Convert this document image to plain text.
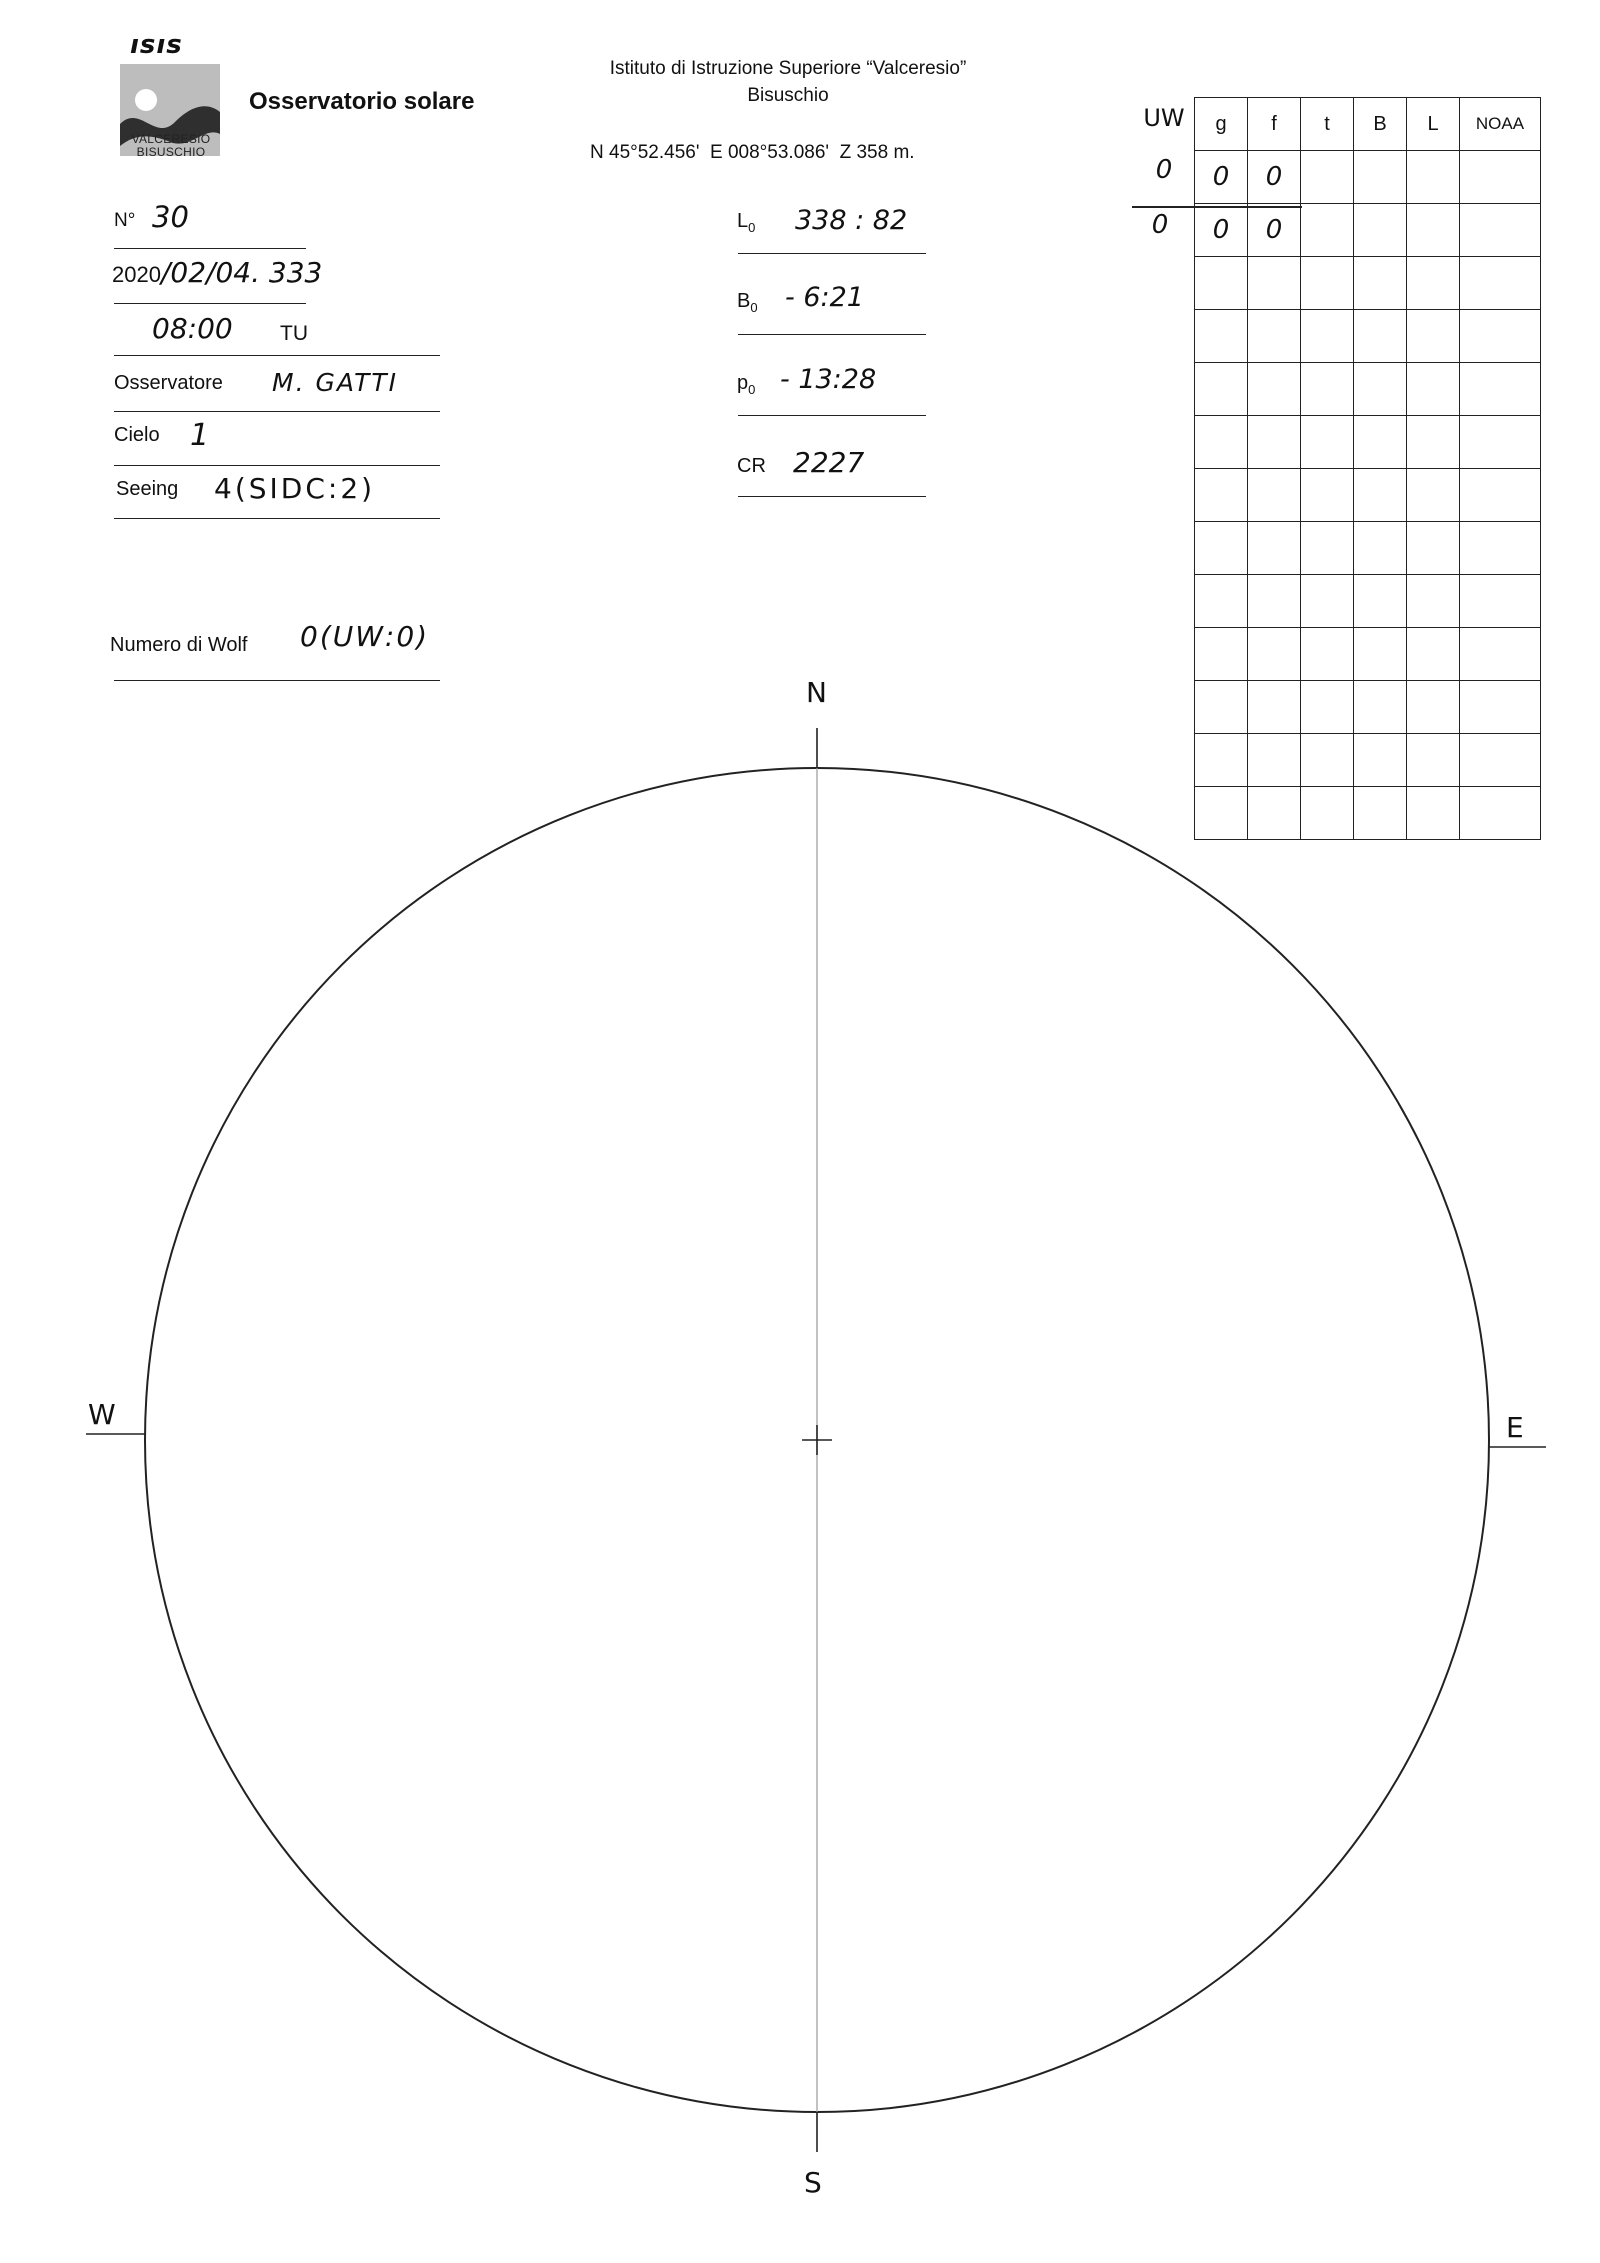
ısıs
VALCERESIO
BISUSCHIO
Osservatorio solare
Istituto di Istruzione Superiore “Valceresio”
Bisuschio
N 45°52.456'  E 008°53.086'  Z 358 m.
N° 30
2020 /02/04. 333
08:00 TU
Osservatore M. GATTI
Cielo 1
Seeing 4(SIDC:2)
Numero di Wolf 0(UW:0)
$L_0$ 338 : 82
$B_0$ - 6:21
$p_0$ - 13:28
CR 2227
UW
0
0
g	f	t	B	L	NOAA
0	0				
0	0				

N
S
W	E
